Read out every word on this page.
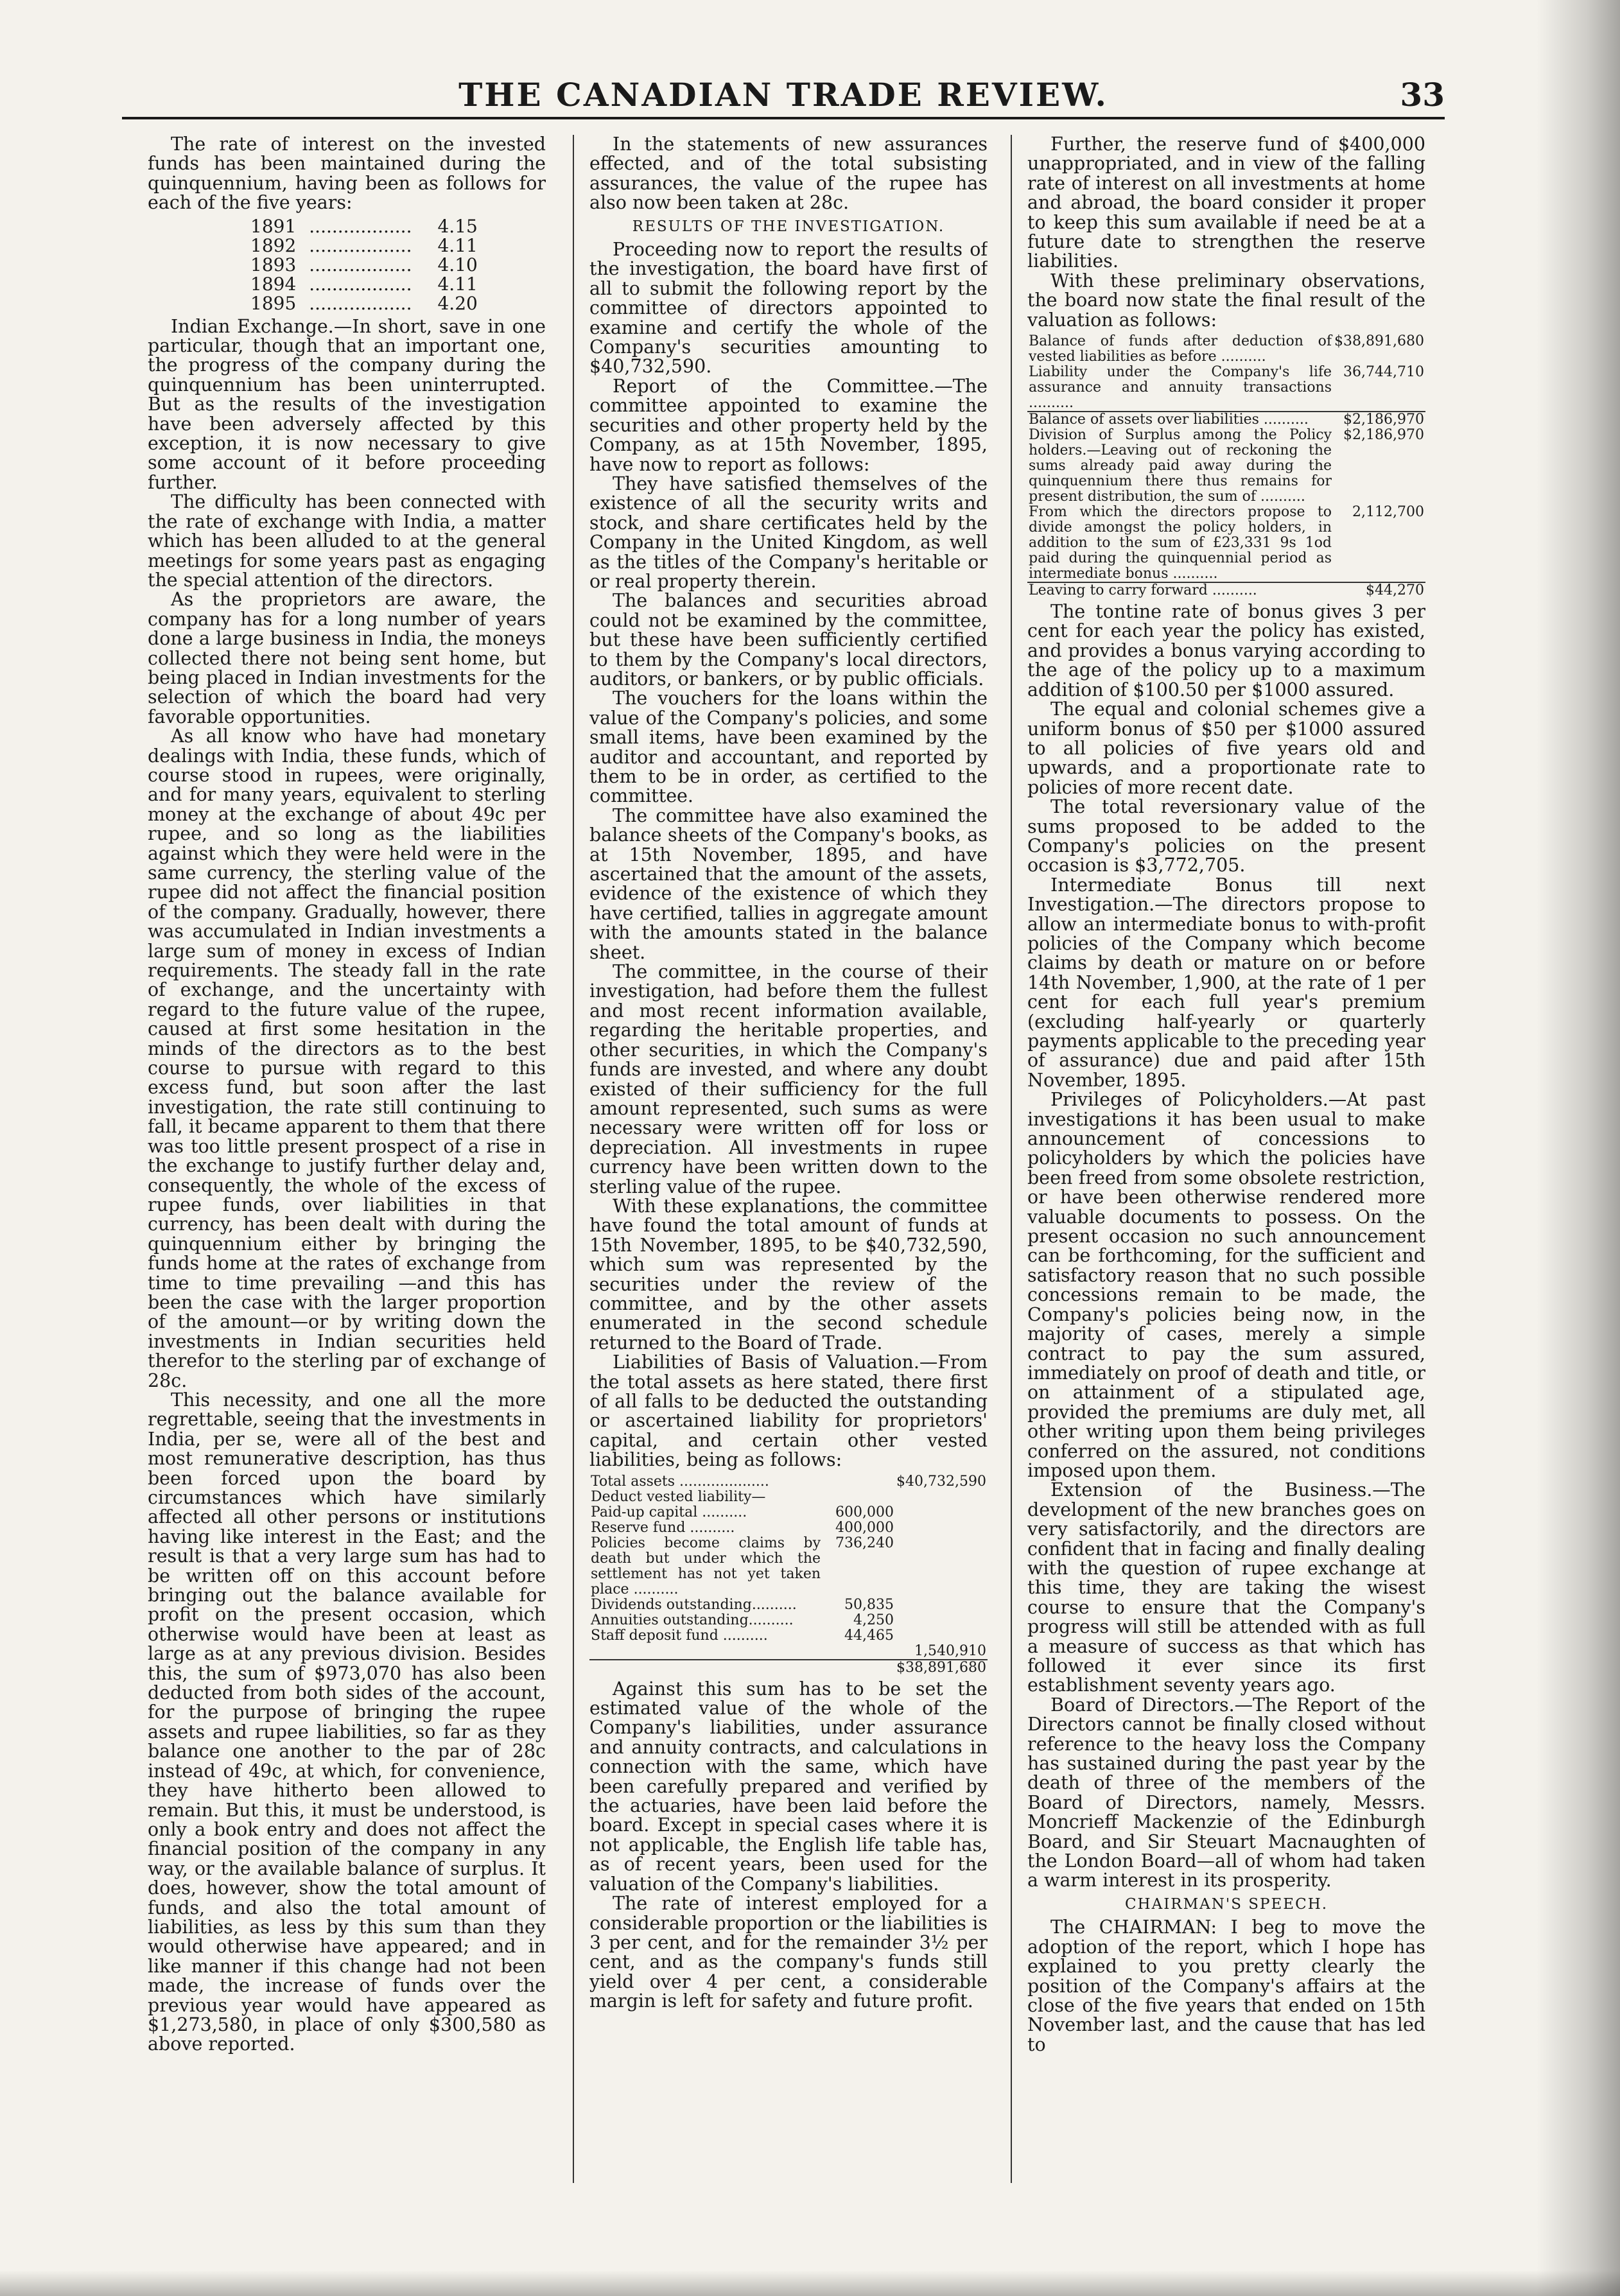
THE CANADIAN TRADE REVIEW.	33

The rate of interest on the invested funds has been maintained during the quinquennium, having been as follows for each of the five years:

1891	..................	4.15
1892	..................	4.11
1893	..................	4.10
1894	..................	4.11
1895	..................	4.20

Indian Exchange.—In short, save in one particular, though that an important one, the progress of the company during the quinquennium has been uninterrupted. But as the results of the investigation have been adversely affected by this exception, it is now necessary to give some account of it before proceeding further.

The difficulty has been connected with the rate of exchange with India, a matter which has been alluded to at the general meetings for some years past as engaging the special attention of the directors.

As the proprietors are aware, the company has for a long number of years done a large business in India, the moneys collected there not being sent home, but being placed in Indian investments for the selection of which the board had very favorable opportunities.

As all know who have had monetary dealings with India, these funds, which of course stood in rupees, were originally, and for many years, equivalent to sterling money at the exchange of about 49c per rupee, and so long as the liabilities against which they were held were in the same currency, the sterling value of the rupee did not affect the financial position of the company. Gradually, however, there was accumulated in Indian investments a large sum of money in excess of Indian requirements. The steady fall in the rate of exchange, and the uncertainty with regard to the future value of the rupee, caused at first some hesitation in the minds of the directors as to the best course to pursue with regard to this excess fund, but soon after the last investigation, the rate still continuing to fall, it became apparent to them that there was too little present prospect of a rise in the exchange to justify further delay and, consequently, the whole of the excess of rupee funds, over liabilities in that currency, has been dealt with during the quinquennium either by bringing the funds home at the rates of exchange from time to time prevailing —and this has been the case with the larger proportion of the amount—or by writing down the investments in Indian securities held therefor to the sterling par of exchange of 28c.

This necessity, and one all the more regrettable, seeing that the investments in India, per se, were all of the best and most remunerative description, has thus been forced upon the board by circumstances which have similarly affected all other persons or institutions having like interest in the East; and the result is that a very large sum has had to be written off on this account before bringing out the balance available for profit on the present occasion, which otherwise would have been at least as large as at any previous division. Besides this, the sum of $973,070 has also been deducted from both sides of the account, for the purpose of bringing the rupee assets and rupee liabilities, so far as they balance one another to the par of 28c instead of 49c, at which, for convenience, they have hitherto been allowed to remain. But this, it must be understood, is only a book entry and does not affect the financial position of the company in any way, or the available balance of surplus. It does, however, show the total amount of funds, and also the total amount of liabilities, as less by this sum than they would otherwise have appeared; and in like manner if this change had not been made, the increase of funds over the previous year would have appeared as $1,273,580, in place of only $300,580 as above reported.

In the statements of new assurances effected, and of the total subsisting assurances, the value of the rupee has also now been taken at 28c.

RESULTS OF THE INVESTIGATION.

Proceeding now to report the results of the investigation, the board have first of all to submit the following report by the committee of directors appointed to examine and certify the whole of the Company's securities amounting to $40,732,590.

Report of the Committee.—The committee appointed to examine the securities and other property held by the Company, as at 15th November, 1895, have now to report as follows:

They have satisfied themselves of the existence of all the security writs and stock, and share certificates held by the Company in the United Kingdom, as well as the titles of the Company's heritable or or real property therein.

The balances and securities abroad could not be examined by the committee, but these have been sufficiently certified to them by the Company's local directors, auditors, or bankers, or by public officials.

The vouchers for the loans within the value of the Company's policies, and some small items, have been examined by the auditor and accountant, and reported by them to be in order, as certified to the committee.

The committee have also examined the balance sheets of the Company's books, as at 15th November, 1895, and have ascertained that the amount of the assets, evidence of the existence of which they have certified, tallies in aggregate amount with the amounts stated in the balance sheet.

The committee, in the course of their investigation, had before them the fullest and most recent information available, regarding the heritable properties, and other securities, in which the Company's funds are invested, and where any doubt existed of their sufficiency for the full amount represented, such sums as were necessary were written off for loss or depreciation. All investments in rupee currency have been written down to the sterling value of the rupee.

With these explanations, the committee have found the total amount of funds at 15th November, 1895, to be $40,732,590, which sum was represented by the securities under the review of the committee, and by the other assets enumerated in the second schedule returned to the Board of Trade.

Liabilities of Basis of Valuation.—From the total assets as here stated, there first of all falls to be deducted the outstanding or ascertained liability for proprietors' capital, and certain other vested liabilities, being as follows:

Total assets ....................		$40,732,590
Deduct vested liability—		
Paid-up capital ..........	600,000	
Reserve fund ..........	400,000	
Policies become claims by death but under which the settlement has not yet taken place ..........	736,240	
Dividends outstanding..........	50,835	
Annuities outstanding..........	4,250	
Staff deposit fund ..........	44,465	
		1,540,910
		$38,891,680

Against this sum has to be set the estimated value of the whole of the Company's liabilities, under assurance and annuity contracts, and calculations in connection with the same, which have been carefully prepared and verified by the actuaries, have been laid before the board. Except in special cases where it is not applicable, the English life table has, as of recent years, been used for the valuation of the Company's liabilities.

The rate of interest employed for a considerable proportion or the liabilities is 3 per cent, and for the remainder 3½ per cent, and as the company's funds still yield over 4 per cent, a considerable margin is left for safety and future profit.

Further, the reserve fund of $400,000 unappropriated, and in view of the falling rate of interest on all investments at home and abroad, the board consider it proper to keep this sum available if need be at a future date to strengthen the reserve liabilities.

With these preliminary observations, the board now state the final result of the valuation as follows:

Balance of funds after deduction of vested liabilities as before ..........	$38,891,680
Liability under the Company's life assurance and annuity transactions ..........	36,744,710
Balance of assets over liabilities ..........	$2,186,970
Division of Surplus among the Policy holders.—Leaving out of reckoning the sums already paid away during the quinquennium there thus remains for present distribution, the sum of ..........	$2,186,970
From which the directors propose to divide amongst the policy holders, in addition to the sum of £23,331 9s 1od paid during the quinquennial period as intermediate bonus ..........	2,112,700
Leaving to carry forward ..........	$44,270

The tontine rate of bonus gives 3 per cent for each year the policy has existed, and provides a bonus varying according to the age of the policy up to a maximum addition of $100.50 per $1000 assured.

The equal and colonial schemes give a uniform bonus of $50 per $1000 assured to all policies of five years old and upwards, and a proportionate rate to policies of more recent date.

The total reversionary value of the sums proposed to be added to the Company's policies on the present occasion is $3,772,705.

Intermediate Bonus till next Investigation.—The directors propose to allow an intermediate bonus to with-profit policies of the Company which become claims by death or mature on or before 14th November, 1,900, at the rate of 1 per cent for each full year's premium (excluding half-yearly or quarterly payments applicable to the preceding year of assurance) due and paid after 15th November, 1895.

Privileges of Policyholders.—At past investigations it has been usual to make announcement of concessions to policyholders by which the policies have been freed from some obsolete restriction, or have been otherwise rendered more valuable documents to possess. On the present occasion no such announcement can be forthcoming, for the sufficient and satisfactory reason that no such possible concessions remain to be made, the Company's policies being now, in the majority of cases, merely a simple contract to pay the sum assured, immediately on proof of death and title, or on attainment of a stipulated age, provided the premiums are duly met, all other writing upon them being privileges conferred on the assured, not conditions imposed upon them.

Extension of the Business.—The development of the new branches goes on very satisfactorily, and the directors are confident that in facing and finally dealing with the question of rupee exchange at this time, they are taking the wisest course to ensure that the Company's progress will still be attended with as full a measure of success as that which has followed it ever since its first establishment seventy years ago.

Board of Directors.—The Report of the Directors cannot be finally closed without reference to the heavy loss the Company has sustained during the past year by the death of three of the members of the Board of Directors, namely, Messrs. Moncrieff Mackenzie of the Edinburgh Board, and Sir Steuart Macnaughten of the London Board—all of whom had taken a warm interest in its prosperity.

CHAIRMAN'S SPEECH.

The CHAIRMAN: I beg to move the adoption of the report, which I hope has explained to you pretty clearly the position of the Company's affairs at the close of the five years that ended on 15th November last, and the cause that has led to
